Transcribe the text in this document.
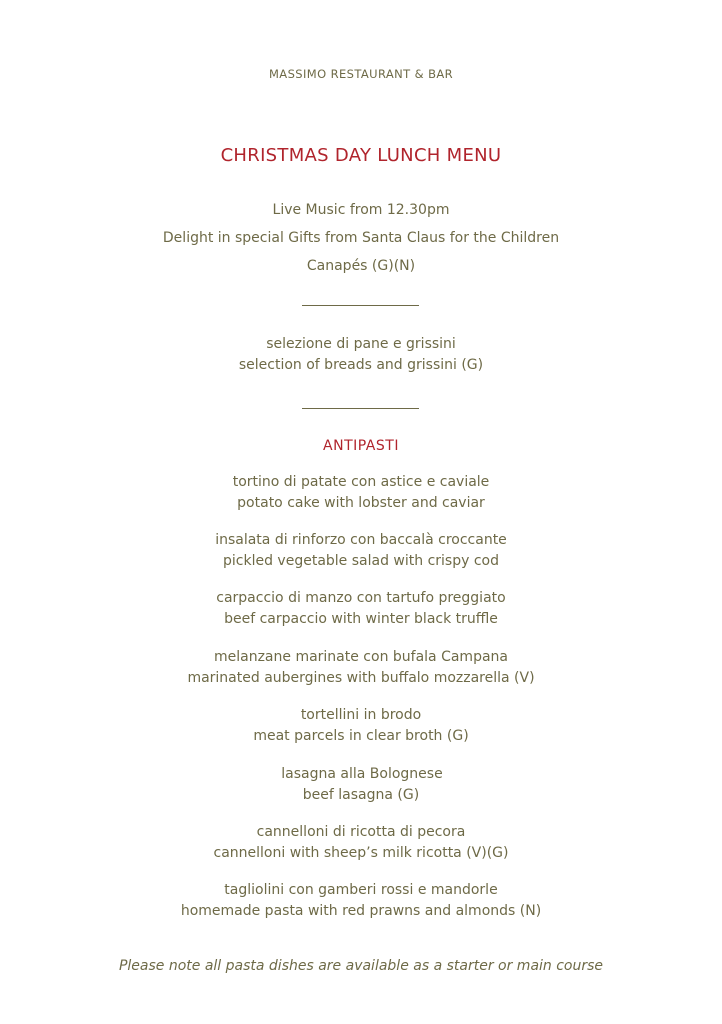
MASSIMO RESTAURANT & BAR
CHRISTMAS DAY LUNCH MENU
Live Music from 12.30pm
Delight in special Gifts from Santa Claus for the Children
Canapés (G)(N)
selezione di pane e grissini
selection of breads and grissini (G)
ANTIPASTI
tortino di patate con astice e caviale
potato cake with lobster and caviar
insalata di rinforzo con baccalà croccante
pickled vegetable salad with crispy cod
carpaccio di manzo con tartufo preggiato
beef carpaccio with winter black truffle
melanzane marinate con bufala Campana
marinated aubergines with buffalo mozzarella (V)
tortellini in brodo
meat parcels in clear broth (G)
lasagna alla Bolognese
beef lasagna (G)
cannelloni di ricotta di pecora
cannelloni with sheep’s milk ricotta (V)(G)
tagliolini con gamberi rossi e mandorle
homemade pasta with red prawns and almonds (N)
Please note all pasta dishes are available as a starter or main course
